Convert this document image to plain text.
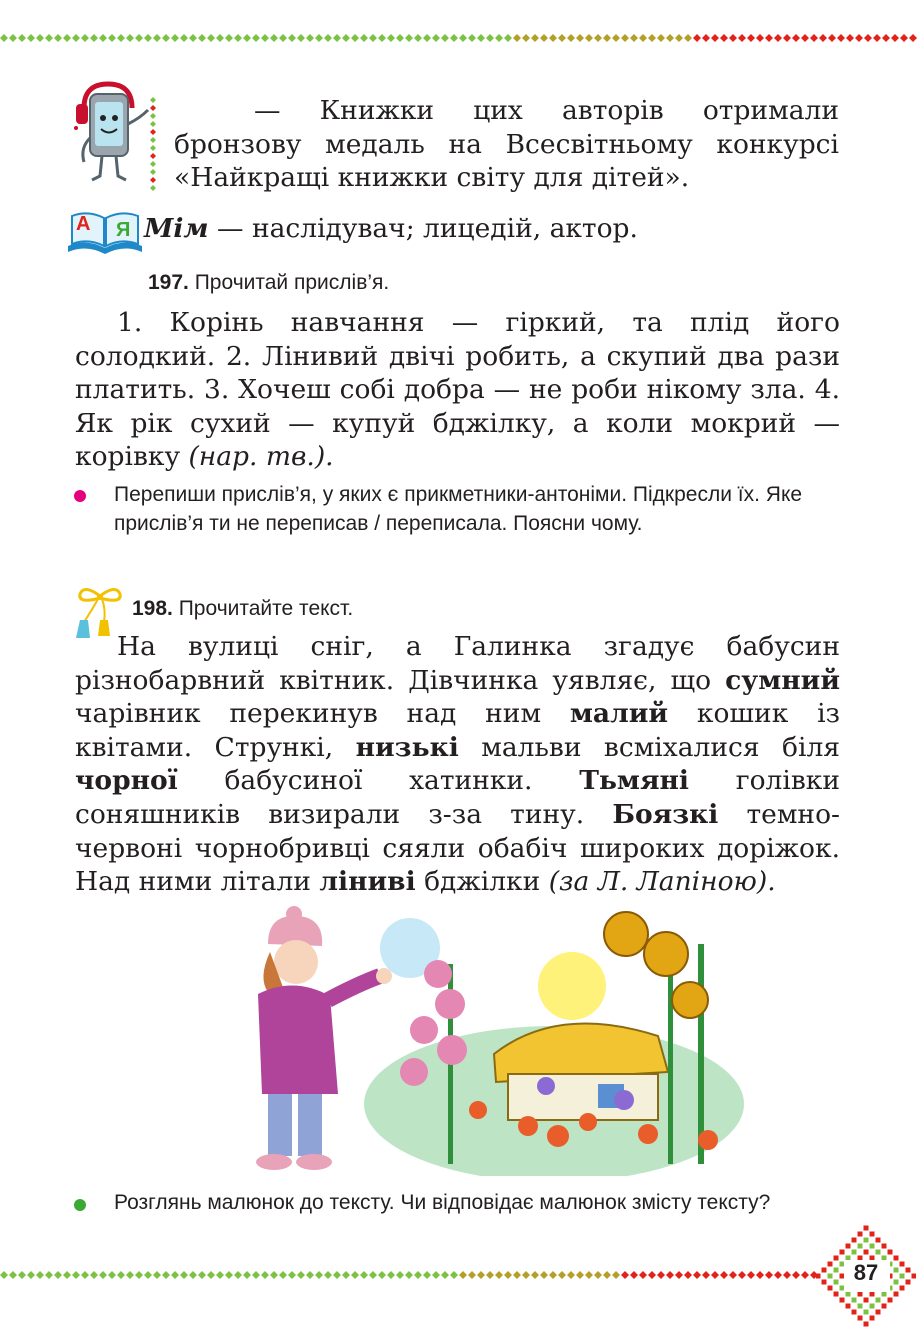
— Книжки цих авторів отримали бронзову медаль на Всесвітньому конкурсі «Найкращі книжки світу для дітей».
А Я Мім — наслідувач; лицедій, актор.
197. Прочитай прислів’я.
1. Корінь навчання — гіркий, та плід його солодкий. 2. Лінивий двічі робить, а скупий два рази платить. 3. Хочеш собі добра — не роби нікому зла. 4. Як рік сухий — купуй бджілку, а коли мокрий — корівку (нар. тв.).
Перепиши прислів’я, у яких є прикметники-антоніми. Підкресли їх. Яке прислів’я ти не переписав / переписала. Поясни чому.
198. Прочитайте текст.
На вулиці сніг, а Галинка згадує бабусин різнобарвний квітник. Дівчинка уявляє, що сумний чарівник перекинув над ним малий кошик із квітами. Стрункі, низькі мальви всміхалися біля чорної бабусиної хатинки. Тьмяні голівки соняшників визирали з-за тину. Боязкі темно-червоні чорнобривці сяяли обабіч широких доріжок. Над ними літали ліниві бджілки (за Л. Лапіною).
Розглянь малюнок до тексту. Чи відповідає малюнок змісту тексту?
87
